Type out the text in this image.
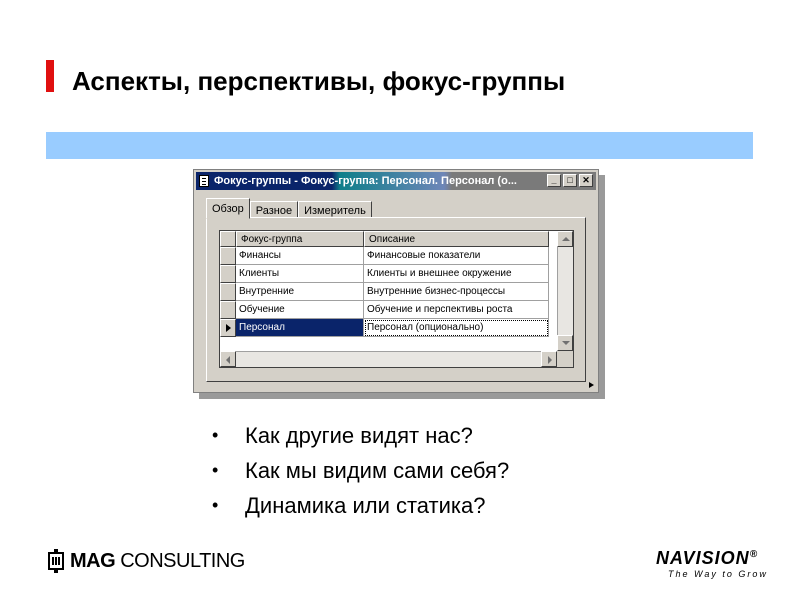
Аспекты, перспективы, фокус-группы
Фокус-группы - Фокус-группа: Персонал. Персонал (о...	_	□	✕
Обзор	Разное	Измеритель
Фокус-группа	Описание
Финансы	Финансовые показатели
Клиенты	Клиенты и внешнее окружение
Внутренние	Внутренние бизнес-процессы
Обучение	Обучение и перспективы роста
Персонал	Персонал (опционально)
• Как другие видят нас?
• Как мы видим сами себя?
• Динамика или статика?
MAG CONSULTING	NAVISION®
The Way to Grow
